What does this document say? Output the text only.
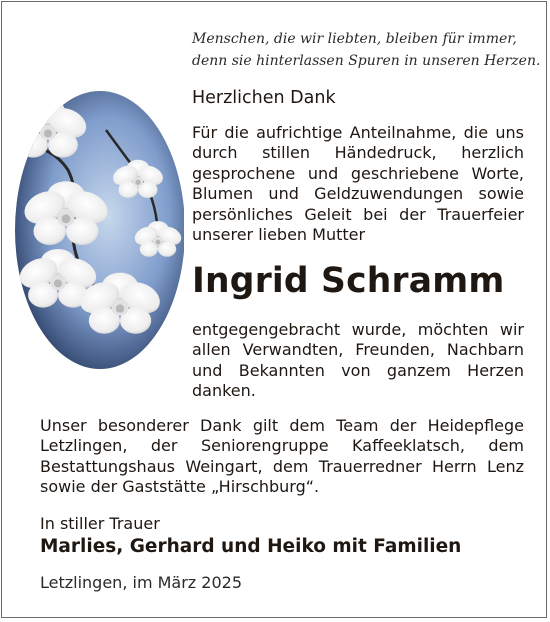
Menschen, die wir liebten, bleiben für immer,
denn sie hinterlassen Spuren in unseren Herzen.
Herzlichen Dank
Für die aufrichtige Anteilnahme, die uns durch stillen Händedruck, herzlich gesprochene und geschriebene Worte, Blumen und Geldzuwendungen sowie persönliches Geleit bei der Trauerfeier unserer lieben Mutter
Ingrid Schramm
entgegengebracht wurde, möchten wir allen Verwandten, Freunden, Nachbarn und Bekannten von ganzem Herzen danken.
Unser besonderer Dank gilt dem Team der Heidepflege Letzlingen, der Seniorengruppe Kaffeeklatsch, dem Bestattungshaus Weingart, dem Trauerredner Herrn Lenz sowie der Gaststätte „Hirschburg“.
In stiller Trauer
Marlies, Gerhard und Heiko mit Familien
Letzlingen, im März 2025
